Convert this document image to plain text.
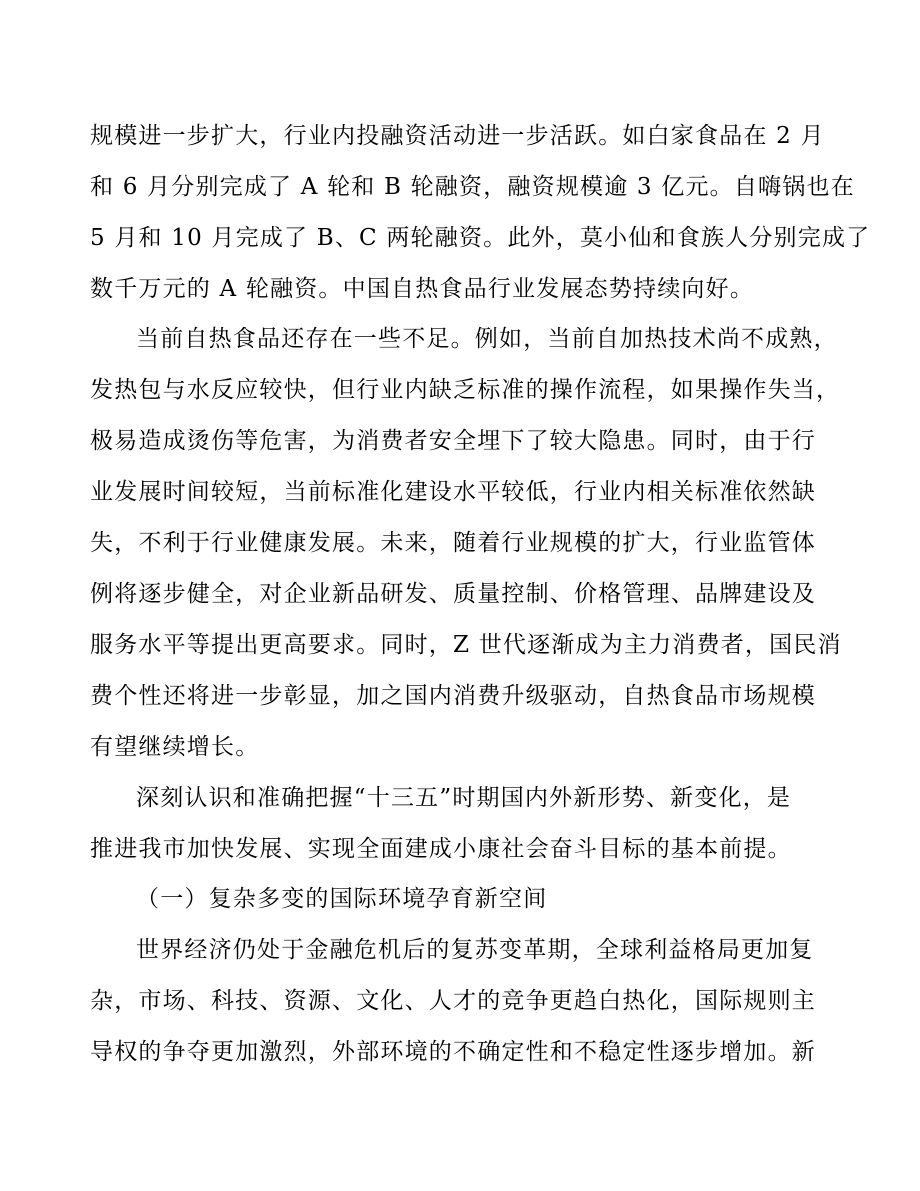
规模进一步扩大，行业内投融资活动进一步活跃。如白家食品在 2 月
和 6 月分别完成了 A 轮和 B 轮融资，融资规模逾 3 亿元。自嗨锅也在
5 月和 10 月完成了 B、C 两轮融资。此外，莫小仙和食族人分别完成了
数千万元的 A 轮融资。中国自热食品行业发展态势持续向好。
当前自热食品还存在一些不足。例如，当前自加热技术尚不成熟，
发热包与水反应较快，但行业内缺乏标准的操作流程，如果操作失当，
极易造成烫伤等危害，为消费者安全埋下了较大隐患。同时，由于行
业发展时间较短，当前标准化建设水平较低，行业内相关标准依然缺
失，不利于行业健康发展。未来，随着行业规模的扩大，行业监管体
例将逐步健全，对企业新品研发、质量控制、价格管理、品牌建设及
服务水平等提出更高要求。同时，Z 世代逐渐成为主力消费者，国民消
费个性还将进一步彰显，加之国内消费升级驱动，自热食品市场规模
有望继续增长。
深刻认识和准确把握“十三五”时期国内外新形势、新变化，是
推进我市加快发展、实现全面建成小康社会奋斗目标的基本前提。
（一）复杂多变的国际环境孕育新空间
世界经济仍处于金融危机后的复苏变革期，全球利益格局更加复
杂，市场、科技、资源、文化、人才的竞争更趋白热化，国际规则主
导权的争夺更加激烈，外部环境的不确定性和不稳定性逐步增加。新
